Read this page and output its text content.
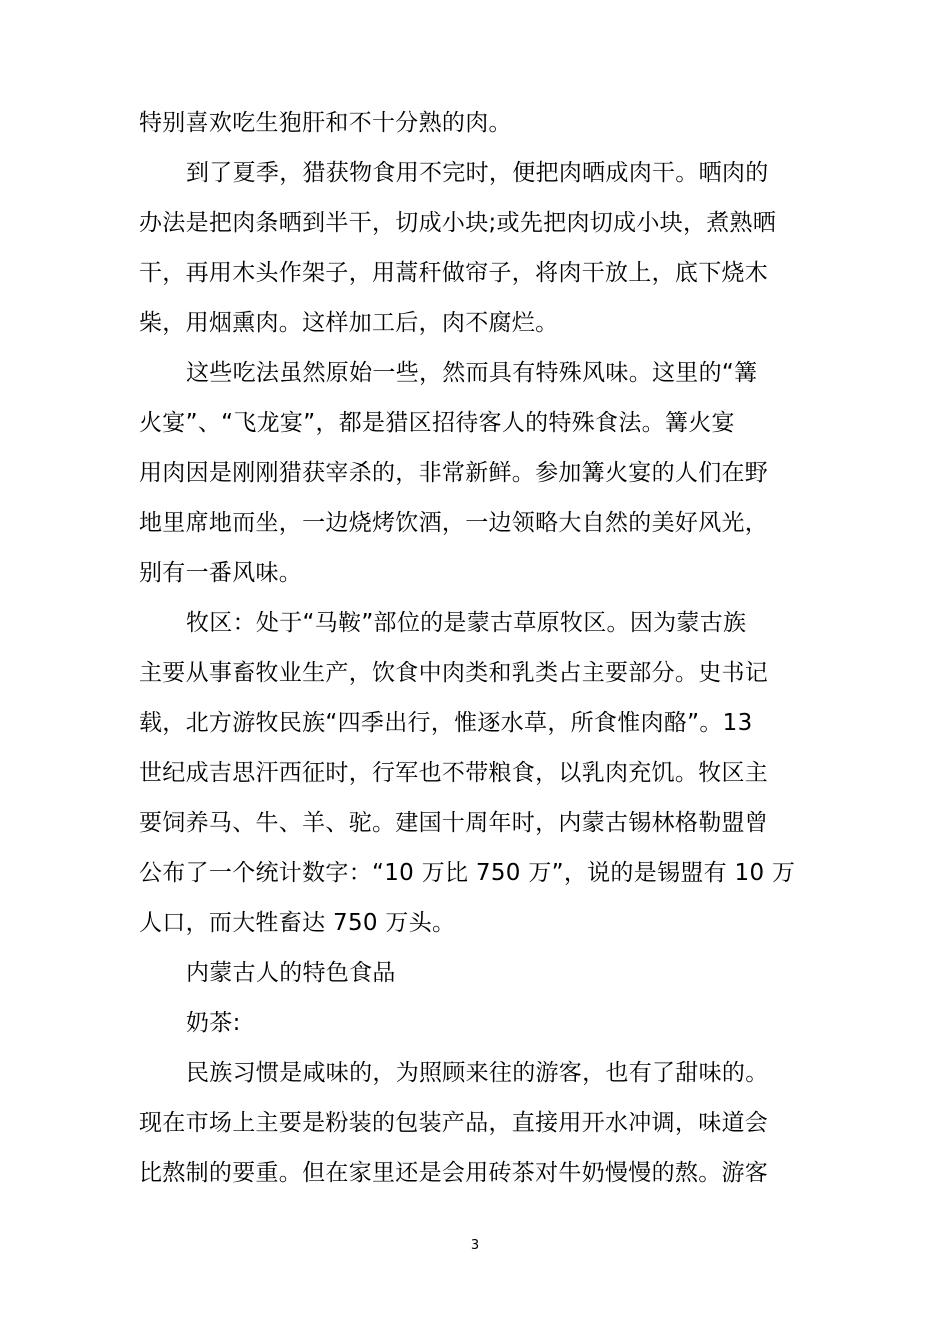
特别喜欢吃生狍肝和不十分熟的肉。
到了夏季，猎获物食用不完时，便把肉晒成肉干。晒肉的
办法是把肉条晒到半干，切成小块;或先把肉切成小块，煮熟晒
干，再用木头作架子，用蒿秆做帘子，将肉干放上，底下烧木
柴，用烟熏肉。这样加工后，肉不腐烂。
这些吃法虽然原始一些，然而具有特殊风味。这里的“篝
火宴”、“飞龙宴”，都是猎区招待客人的特殊食法。篝火宴
用肉因是刚刚猎获宰杀的，非常新鲜。参加篝火宴的人们在野
地里席地而坐，一边烧烤饮酒，一边领略大自然的美好风光，
别有一番风味。
牧区：处于“马鞍”部位的是蒙古草原牧区。因为蒙古族
主要从事畜牧业生产，饮食中肉类和乳类占主要部分。史书记
载，北方游牧民族“四季出行，惟逐水草，所食惟肉酪”。13
世纪成吉思汗西征时，行军也不带粮食，以乳肉充饥。牧区主
要饲养马、牛、羊、驼。建国十周年时，内蒙古锡林格勒盟曾
公布了一个统计数字：“10 万比 750 万”，说的是锡盟有 10 万
人口，而大牲畜达 750 万头。
内蒙古人的特色食品
奶茶:
民族习惯是咸味的，为照顾来往的游客，也有了甜味的。
现在市场上主要是粉装的包装产品，直接用开水冲调，味道会
比熬制的要重。但在家里还是会用砖茶对牛奶慢慢的熬。游客
3
